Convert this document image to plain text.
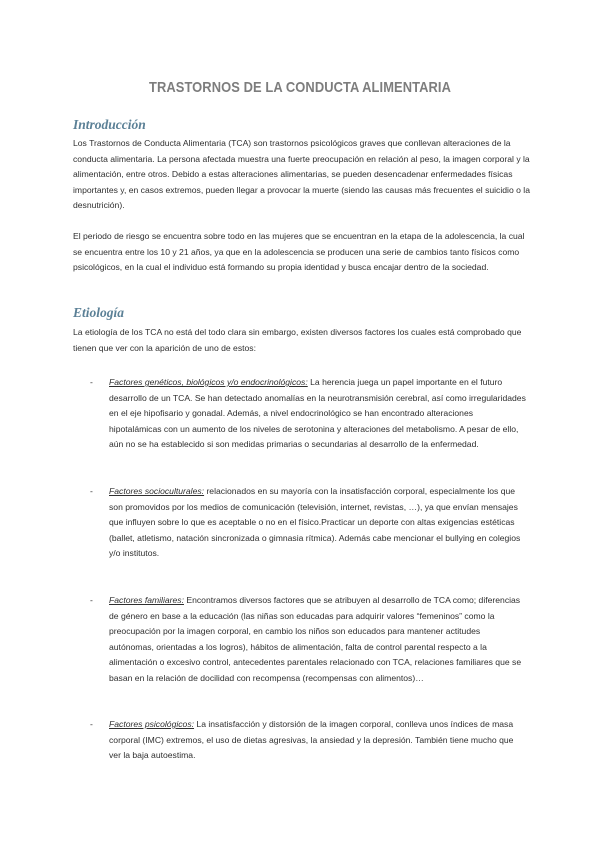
TRASTORNOS DE LA CONDUCTA ALIMENTARIA
Introducción
Los Trastornos de Conducta Alimentaria (TCA) son trastornos psicológicos graves que conllevan alteraciones de la conducta alimentaria. La persona afectada muestra una fuerte preocupación en relación al peso, la imagen corporal y la alimentación, entre otros. Debido a estas alteraciones alimentarias, se pueden desencadenar enfermedades físicas importantes y, en casos extremos, pueden llegar a provocar la muerte (siendo las causas más frecuentes el suicidio o la desnutrición).
El periodo de riesgo se encuentra sobre todo en las mujeres que se encuentran en la etapa de la adolescencia, la cual se encuentra entre los 10 y 21 años, ya que en la adolescencia se producen una serie de cambios tanto físicos como psicológicos, en la cual el individuo está formando su propia identidad y busca encajar dentro de la sociedad.
Etiología
La etiología de los TCA no está del todo clara sin embargo, existen diversos factores los cuales está comprobado que tienen que ver con la aparición de uno de estos:
- Factores genéticos, biológicos y/o endocrinológicos: La herencia juega un papel importante en el futuro desarrollo de un TCA. Se han detectado anomalías en la neurotransmisión cerebral, así como irregularidades en el eje hipofisario y gonadal. Además, a nivel endocrinológico se han encontrado alteraciones hipotalámicas con un aumento de los niveles de serotonina y alteraciones del metabolismo. A pesar de ello, aún no se ha establecido si son medidas primarias o secundarias al desarrollo de la enfermedad.
- Factores socioculturales: relacionados en su mayoría con la insatisfacción corporal, especialmente los que son promovidos por los medios de comunicación (televisión, internet, revistas, …), ya que envían mensajes que influyen sobre lo que es aceptable o no en el físico.Practicar un deporte con altas exigencias estéticas (ballet, atletismo, natación sincronizada o gimnasia rítmica). Además cabe mencionar el bullying en colegios y/o institutos.
- Factores familiares: Encontramos diversos factores que se atribuyen al desarrollo de TCA como; diferencias de género en base a la educación (las niñas son educadas para adquirir valores “femeninos” como la preocupación por la imagen corporal, en cambio los niños son educados para mantener actitudes autónomas, orientadas a los logros), hábitos de alimentación, falta de control parental respecto a la alimentación o excesivo control, antecedentes parentales relacionado con TCA, relaciones familiares que se basan en la relación de docilidad con recompensa (recompensas con alimentos)…
- Factores psicológicos: La insatisfacción y distorsión de la imagen corporal, conlleva unos índices de masa corporal (IMC) extremos, el uso de dietas agresivas, la ansiedad y la depresión. También tiene mucho que ver la baja autoestima.
